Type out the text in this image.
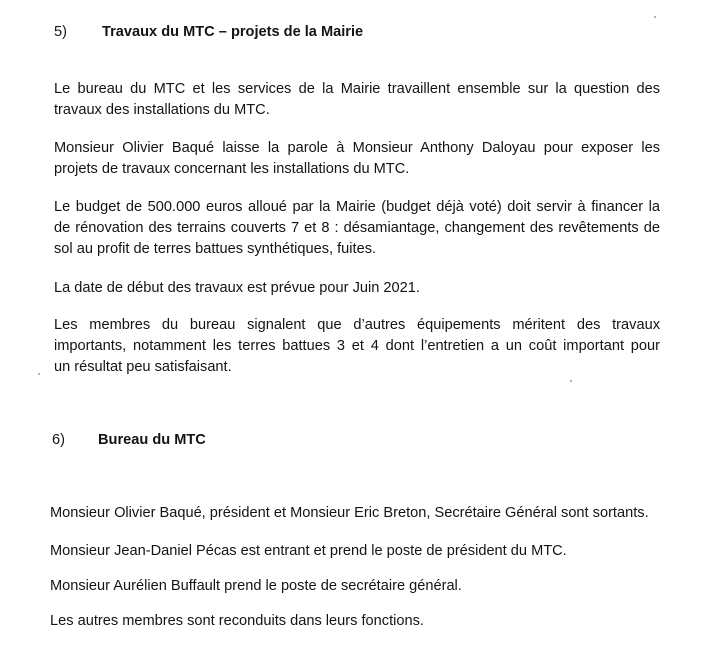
5) Travaux du MTC – projets de la Mairie
Le bureau du MTC et les services de la Mairie travaillent ensemble sur la question des
travaux des installations du MTC.
Monsieur Olivier Baqué laisse la parole à Monsieur Anthony Daloyau pour exposer les
projets de travaux concernant les installations du MTC.
Le budget de 500.000 euros alloué par la Mairie (budget déjà voté) doit servir à financer la
de rénovation des terrains couverts 7 et 8 : désamiantage, changement des revêtements de
sol au profit de terres battues synthétiques, fuites.
La date de début des travaux est prévue pour Juin 2021.
Les membres du bureau signalent que d’autres équipements méritent des travaux
importants, notamment les terres battues 3 et 4 dont l’entretien a un coût important pour
un résultat peu satisfaisant.
6) Bureau du MTC
Monsieur Olivier Baqué, président et Monsieur Eric Breton, Secrétaire Général sont sortants.
Monsieur Jean-Daniel Pécas est entrant et prend le poste de président du MTC.
Monsieur Aurélien Buffault prend le poste de secrétaire général.
Les autres membres sont reconduits dans leurs fonctions.
